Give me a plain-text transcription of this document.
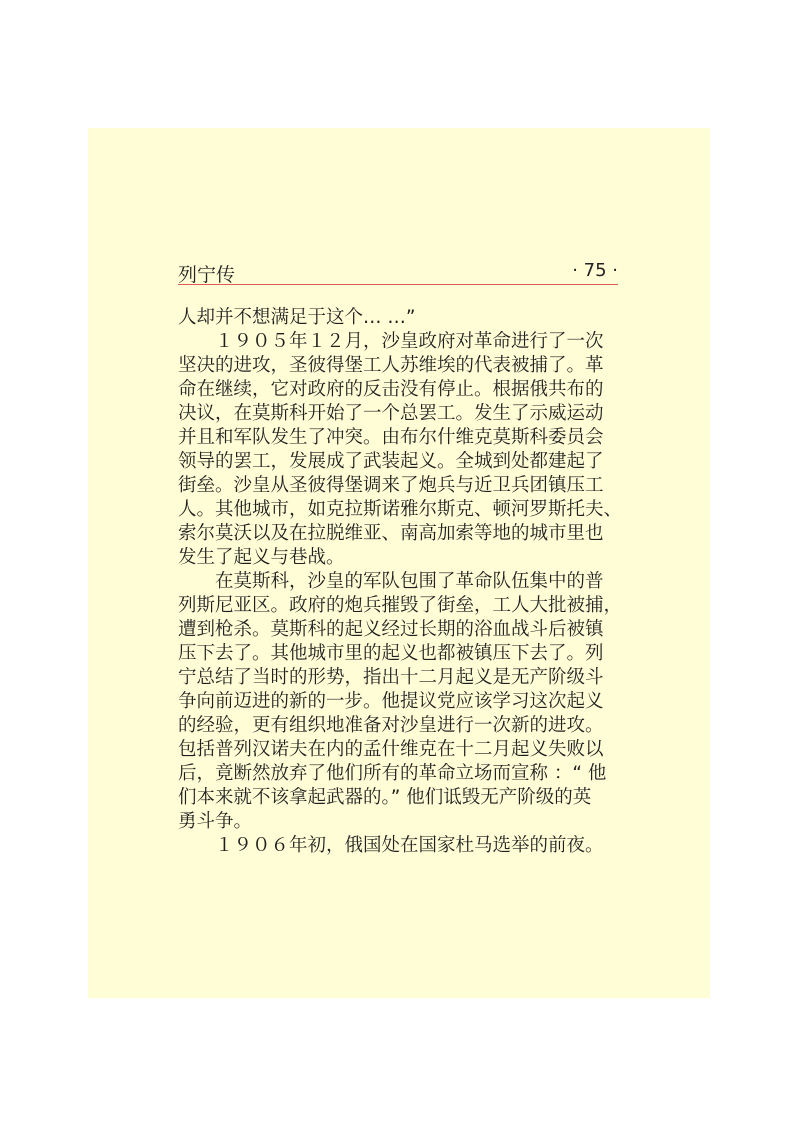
列宁传	· 75 ·
人却并不想满足于这个… …”
１９０５年１２月，沙皇政府对革命进行了一次
坚决的进攻，圣彼得堡工人苏维埃的代表被捕了。革
命在继续，它对政府的反击没有停止。根据俄共布的
决议，在莫斯科开始了一个总罢工。发生了示威运动
并且和军队发生了冲突。由布尔什维克莫斯科委员会
领导的罢工，发展成了武装起义。全城到处都建起了
街垒。沙皇从圣彼得堡调来了炮兵与近卫兵团镇压工
人。其他城市，如克拉斯诺雅尔斯克、顿河罗斯托夫、
索尔莫沃以及在拉脱维亚、南高加索等地的城市里也
发生了起义与巷战。
在莫斯科，沙皇的军队包围了革命队伍集中的普
列斯尼亚区。政府的炮兵摧毁了街垒，工人大批被捕，
遭到枪杀。莫斯科的起义经过长期的浴血战斗后被镇
压下去了。其他城市里的起义也都被镇压下去了。列
宁总结了当时的形势，指出十二月起义是无产阶级斗
争向前迈进的新的一步。他提议党应该学习这次起义
的经验，更有组织地准备对沙皇进行一次新的进攻。
包括普列汉诺夫在内的孟什维克在十二月起义失败以
后，竟断然放弃了他们所有的革命立场而宣称 ：“ 他
们本来就不该拿起武器的。” 他们诋毁无产阶级的英
勇斗争。
１９０６年初，俄国处在国家杜马选举的前夜。
